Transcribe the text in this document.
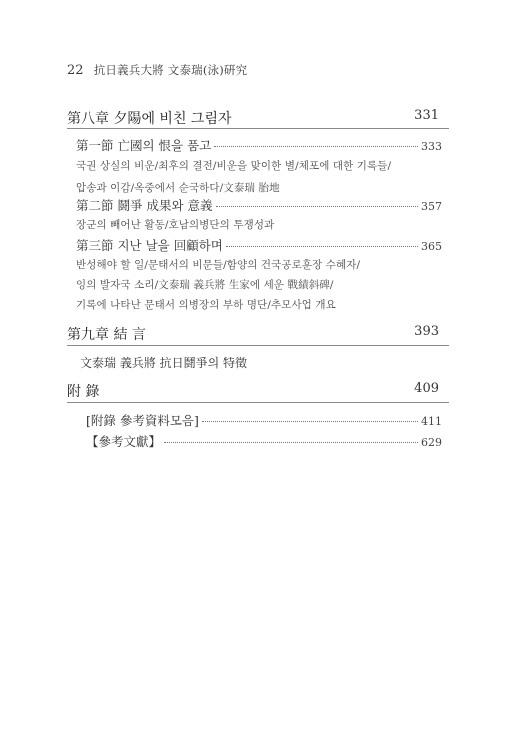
22 抗日義兵大將 文泰瑞(泳)硏究
第八章 夕陽에 비친 그림자	331
第一節 亡國의 恨을 품고	333
국권 상실의 비운/최후의 결전/비운을 맞이한 별/체포에 대한 기록들/
압송과 이감/옥중에서 순국하다/文泰瑞 胎地
第二節 鬪爭 成果와 意義	357
장군의 빼어난 활동/호남의병단의 투쟁성과
第三節 지난 날을 回顧하며	365
반성해야 할 일/문태서의 비문들/함양의 건국공로훈장 수혜자/
잉의 발자국 소리/文泰瑞 義兵將 生家에 세운 戰績斜碑/
기록에 나타난 문태서 의병장의 부하 명단/추모사업 개요
第九章 結 言	393
文泰瑞 義兵將 抗日鬪爭의 特徵
附 錄	409
[附錄 參考資料모음]	411
【參考文獻】	629
